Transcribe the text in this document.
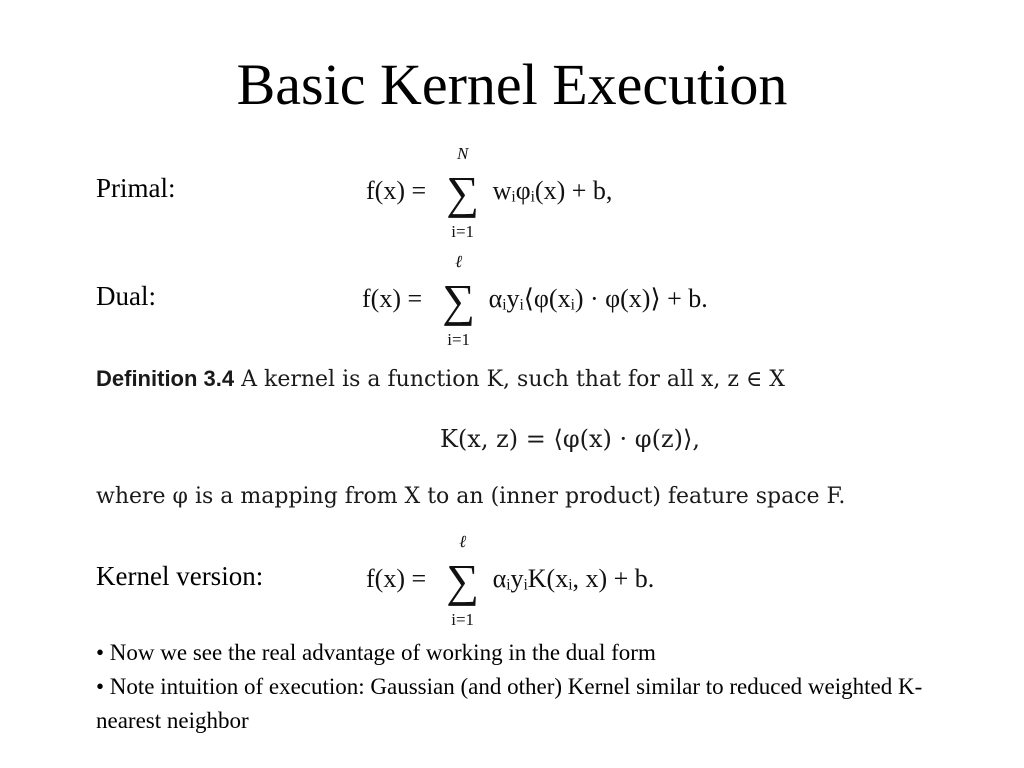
Basic Kernel Execution
Primal:	f(x) =
N
∑
i=1
wᵢφᵢ(x) + b,
Dual:	f(x) =
ℓ
∑
i=1
αᵢyᵢ⟨φ(xᵢ) · φ(x)⟩ + b.
Definition 3.4 A kernel is a function K, such that for all x, z ∈ X
K(x, z) = ⟨φ(x) · φ(z)⟩,
where φ is a mapping from X to an (inner product) feature space F.
Kernel version:	f(x) =
ℓ
∑
i=1
αᵢyᵢK(xᵢ, x) + b.
• Now we see the real advantage of working in the dual form
• Note intuition of execution: Gaussian (and other) Kernel similar to reduced weighted K-nearest neighbor
